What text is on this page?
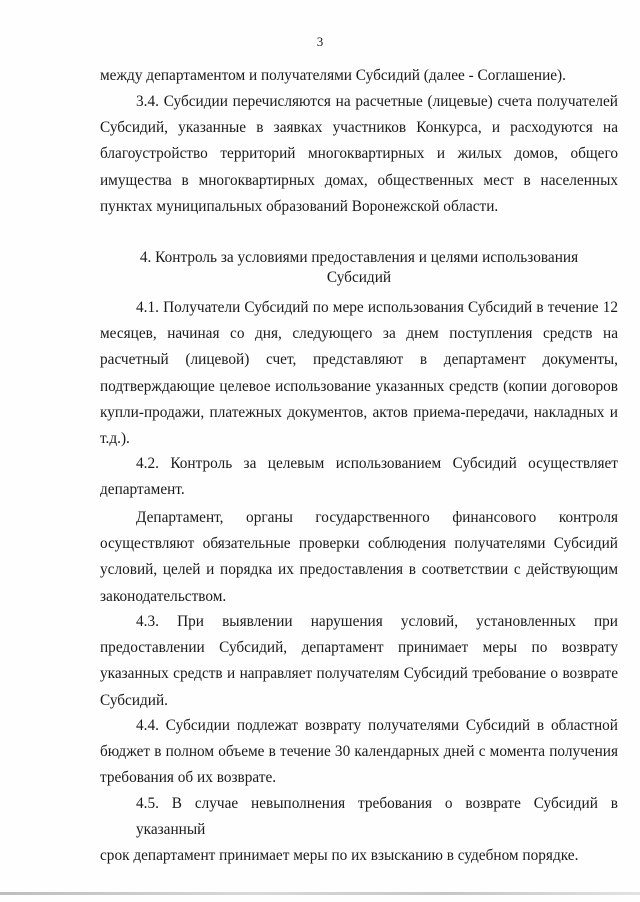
3
между департаментом и получателями Субсидий (далее - Соглашение).
3.4. Субсидии перечисляются на расчетные (лицевые) счета получателей
Субсидий, указанные в заявках участников Конкурса, и расходуются на
благоустройство территорий многоквартирных и жилых домов, общего
имущества в многоквартирных домах, общественных мест в населенных
пунктах муниципальных образований Воронежской области.
4. Контроль за условиями предоставления и целями использования
Субсидий
4.1. Получатели Субсидий по мере использования Субсидий в течение 12
месяцев, начиная со дня, следующего за днем поступления средств на
расчетный (лицевой) счет, представляют в департамент документы,
подтверждающие целевое использование указанных средств (копии договоров
купли-продажи, платежных документов, актов приема-передачи, накладных и
т.д.).
4.2. Контроль за целевым использованием Субсидий осуществляет
департамент.
Департамент, органы государственного финансового контроля
осуществляют обязательные проверки соблюдения получателями Субсидий
условий, целей и порядка их предоставления в соответствии с действующим
законодательством.
4.3. При выявлении нарушения условий, установленных при
предоставлении Субсидий, департамент принимает меры по возврату
указанных средств и направляет получателям Субсидий требование о возврате
Субсидий.
4.4. Субсидии подлежат возврату получателями Субсидий в областной
бюджет в полном объеме в течение 30 календарных дней с момента получения
требования об их возврате.
4.5. В случае невыполнения требования о возврате Субсидий в указанный
срок департамент принимает меры по их взысканию в судебном порядке.
